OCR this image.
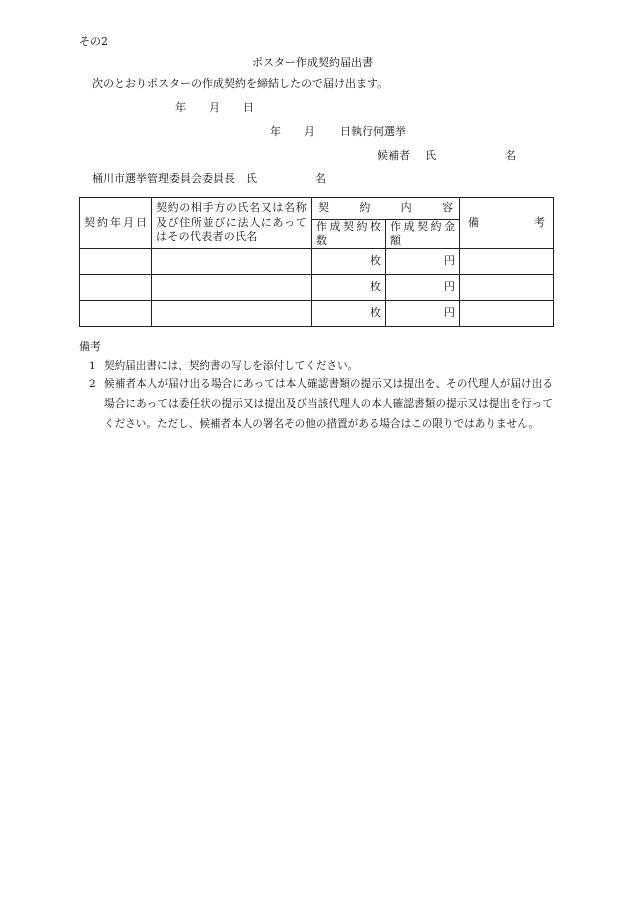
その2
ポスター作成契約届出書
次のとおりポスターの作成契約を締結したので届け出ます。
年 月 日
年 月 日執行何選挙
候補者 氏	名
桶川市選挙管理委員会委員長　氏	名
契約年月日	契約の相手方の氏名又は名称及び住所並びに法人にあってはその代表者の氏名	契　約　内　容		備　　考
		作成契約枚数	作成契約金額	
		枚	円	
		枚	円	
		枚	円	
備考
1 契約届出書には、契約書の写しを添付してください。
2 候補者本人が届け出る場合にあっては本人確認書類の提示又は提出を、その代理人が届け出る場合にあっては委任状の提示又は提出及び当該代理人の本人確認書類の提示又は提出を行ってください。ただし、候補者本人の署名その他の措置がある場合はこの限りではありません。
